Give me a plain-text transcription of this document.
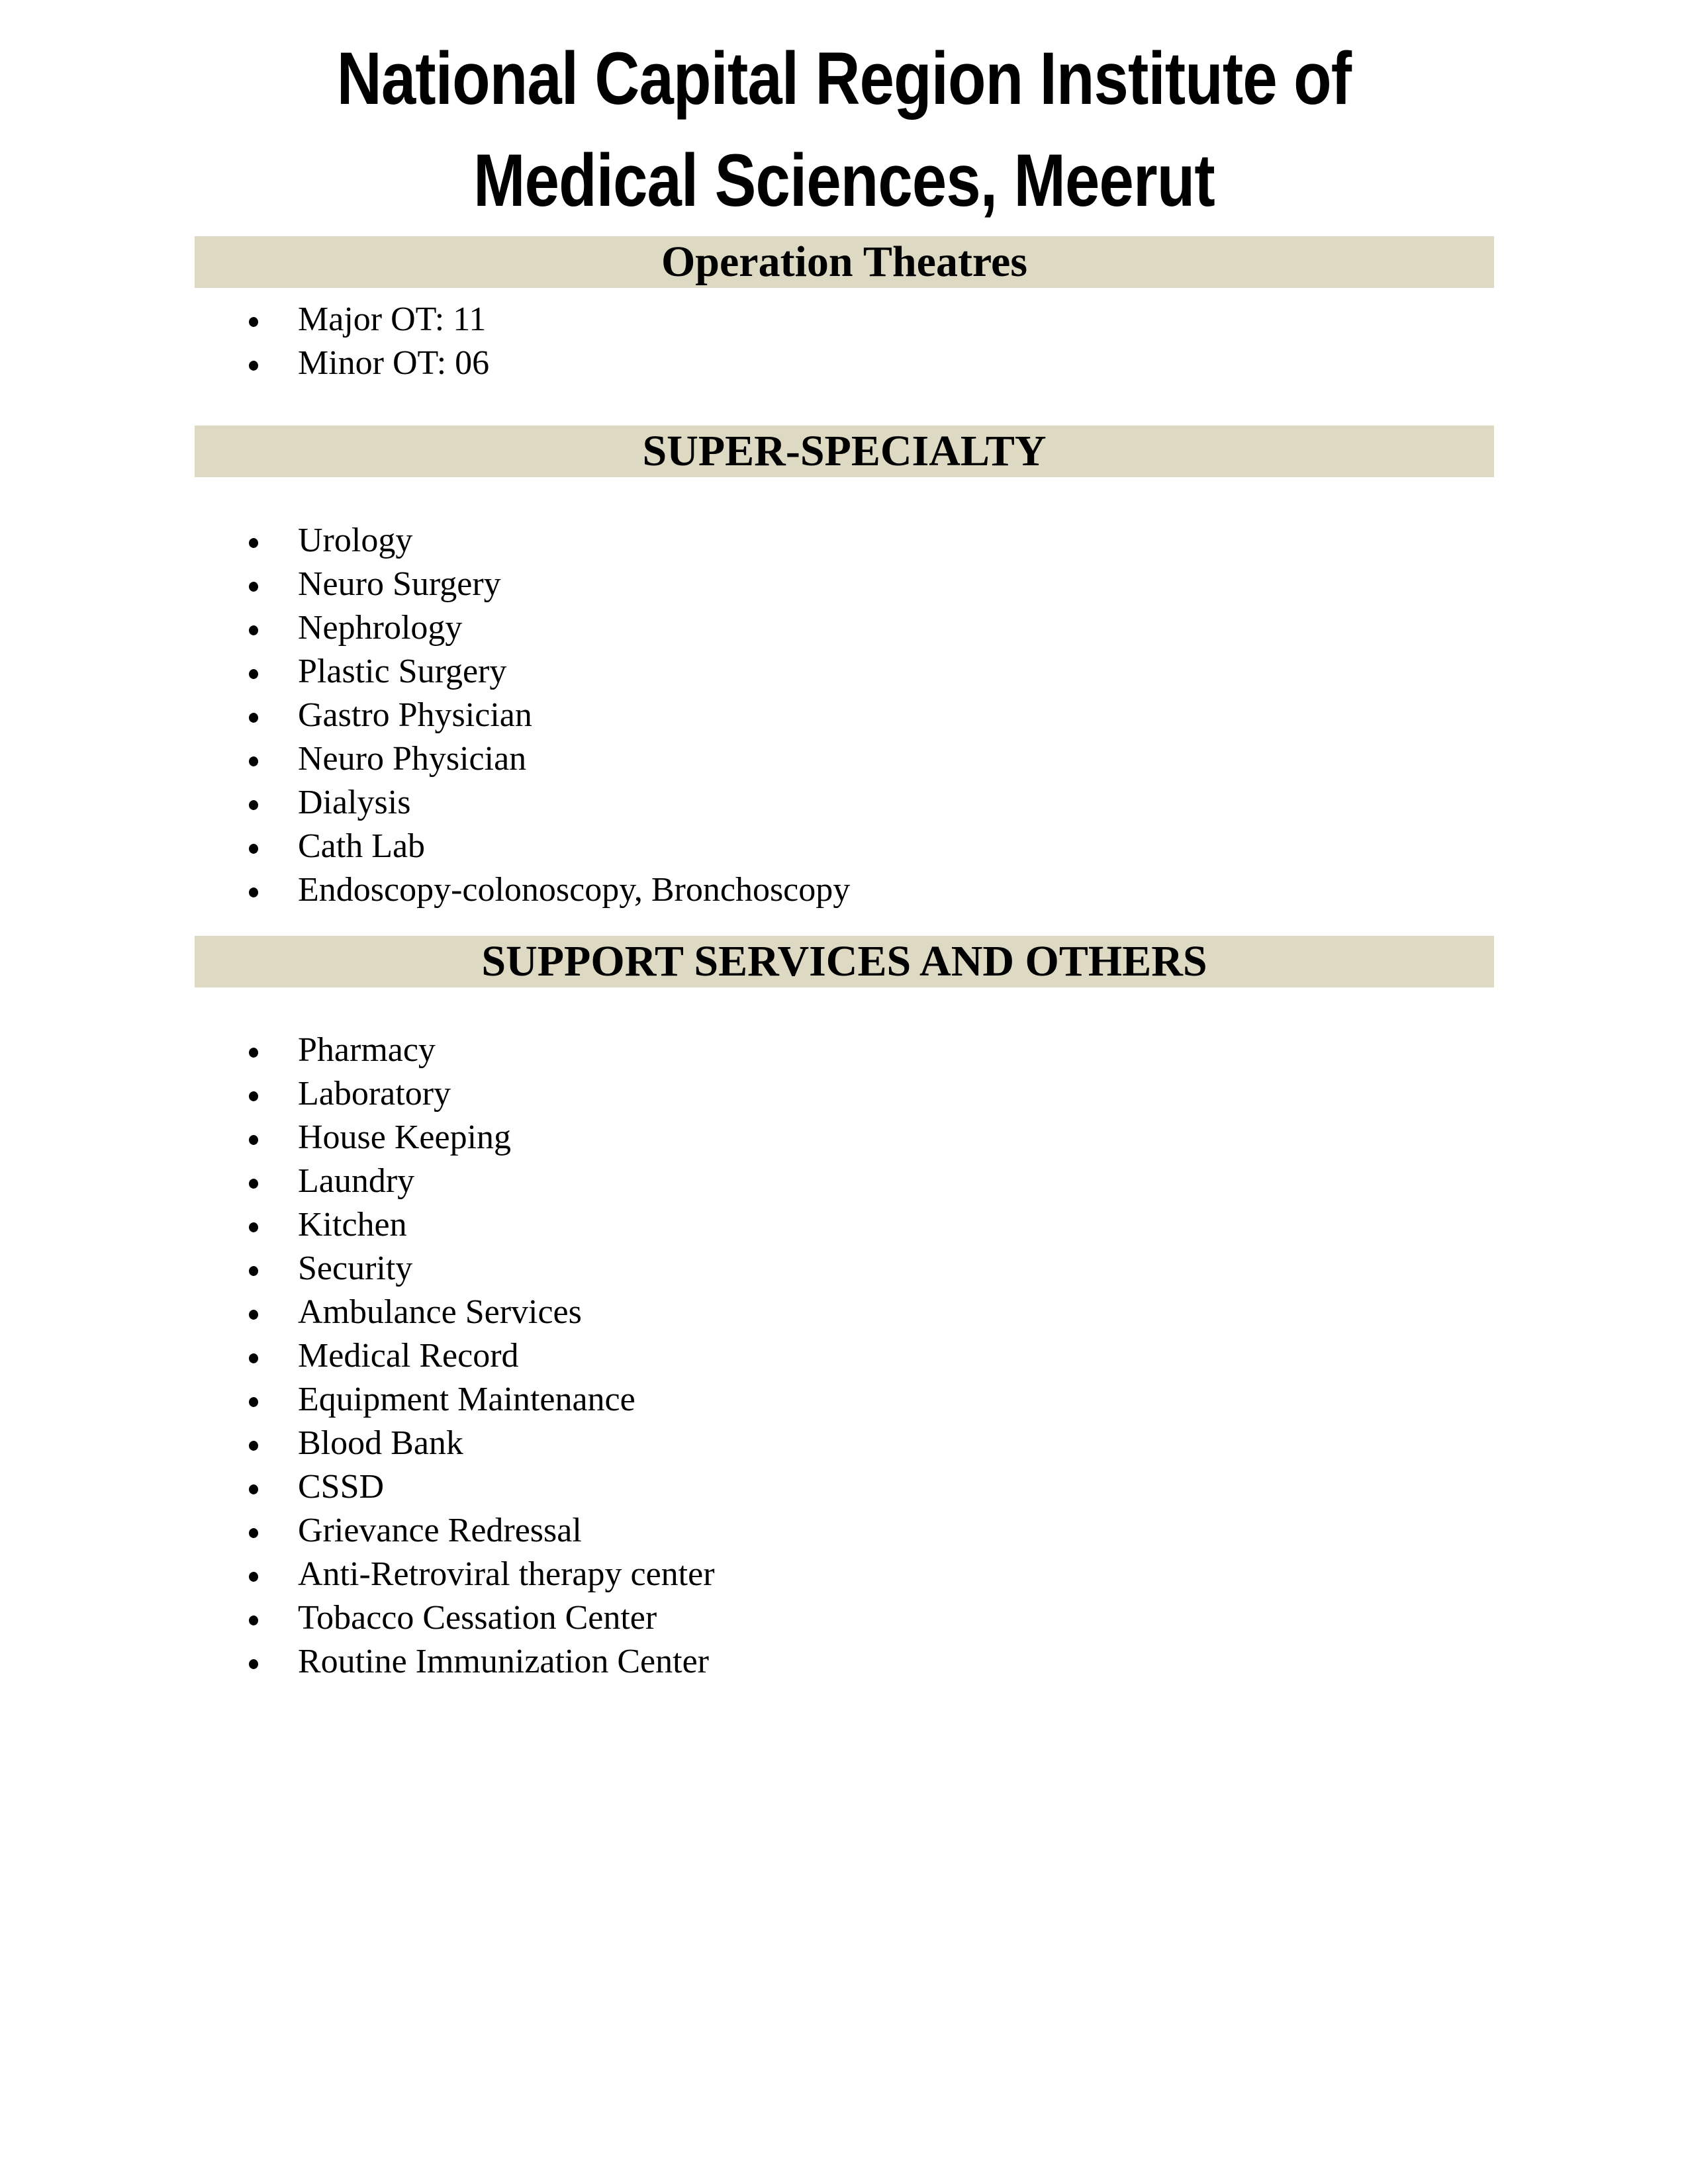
National Capital Region Institute of
Medical Sciences, Meerut
Operation Theatres
Major OT: 11
Minor OT: 06
SUPER-SPECIALTY
Urology
Neuro Surgery
Nephrology
Plastic Surgery
Gastro Physician
Neuro Physician
Dialysis
Cath Lab
Endoscopy-colonoscopy, Bronchoscopy
SUPPORT SERVICES AND OTHERS
Pharmacy
Laboratory
House Keeping
Laundry
Kitchen
Security
Ambulance Services
Medical Record
Equipment Maintenance
Blood Bank
CSSD
Grievance Redressal
Anti-Retroviral therapy center
Tobacco Cessation Center
Routine Immunization Center
